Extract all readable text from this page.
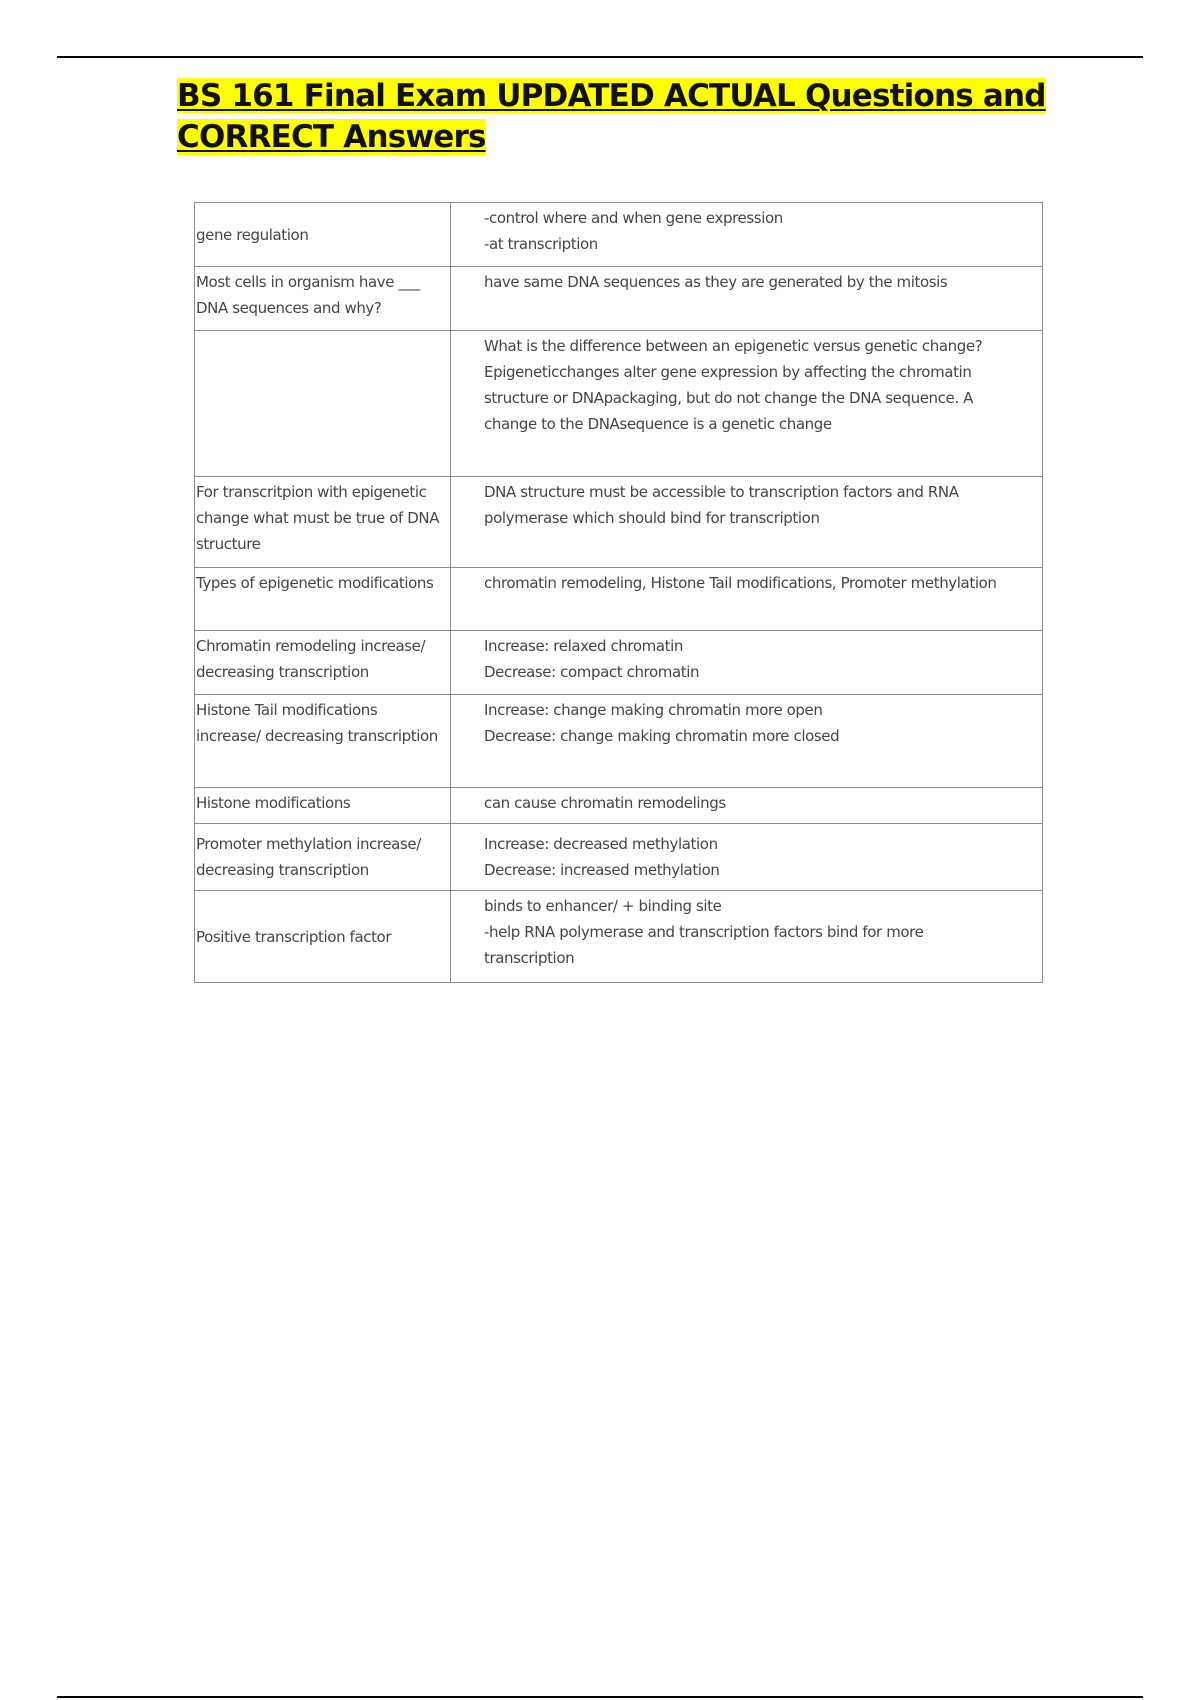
BS 161 Final Exam UPDATED ACTUAL Questions and
CORRECT Answers
gene regulation	-control where and when gene expression
-at transcription

Most cells in organism have ___ DNA sequences and why?	have same DNA sequences as they are generated by the mitosis

	What is the difference between an epigenetic versus genetic change? Epigeneticchanges alter gene expression by affecting the chromatin structure or DNApackaging, but do not change the DNA sequence. A change to the DNAsequence is a genetic change

For transcritpion with epigenetic change what must be true of DNA structure	DNA structure must be accessible to transcription factors and RNA polymerase which should bind for transcription

Types of epigenetic modifications	chromatin remodeling, Histone Tail modifications, Promoter methylation

Chromatin remodeling increase/ decreasing transcription	Increase: relaxed chromatin
Decrease: compact chromatin

Histone Tail modifications increase/ decreasing transcription	Increase: change making chromatin more open
Decrease: change making chromatin more closed

Histone modifications	can cause chromatin remodelings

Promoter methylation increase/ decreasing transcription	Increase: decreased methylation
Decrease: increased methylation

Positive transcription factor	binds to enhancer/ + binding site
-help RNA polymerase and transcription factors bind for more transcription
